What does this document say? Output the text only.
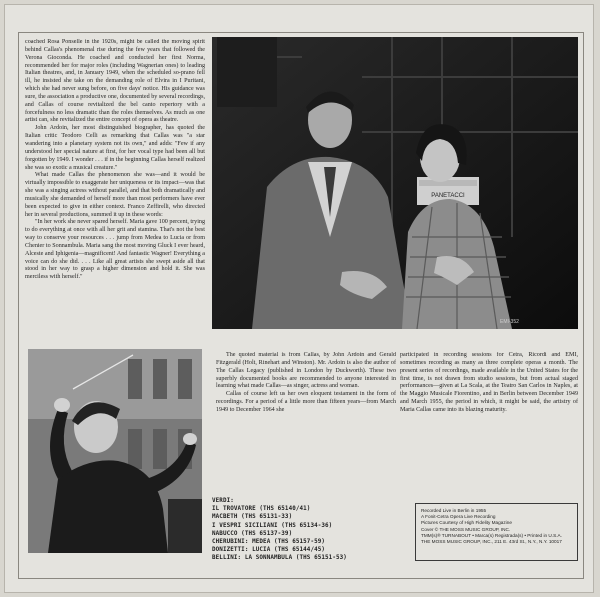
coached Rosa Ponselle in the 1920s, might be called the moving spirit behind Callas's phenomenal rise during the few years that followed the Verona Gioconda. He coached and conducted her first Norma, recommended her for major roles (including Wagnerian ones) to leading Italian theatres, and, in January 1949, when the scheduled so-prano fell ill, he insisted she take on the demanding role of Elvira in I Puritani, which she had never sung before, on five days' notice. His guidance was sure, the association a productive one, documented by several recordings, and Callas of course revitalized the bel canto repertory with a forcefulness no less dramatic than the roles themselves. As much as one artist can, she revitalized the entire concept of opera as theatre.

John Ardoin, her most distinguished biographer, has quoted the Italian critic Teodoro Celli as remarking that Callas was "a star wandering into a planetary system not its own," and adds: "Few if any understood her special nature at first, for her vocal type had been all but forgotten by 1949. I wonder . . . if in the beginning Callas herself realized she was so exotic a musical creature."

What made Callas the phenomenon she was—and it would be virtually impossible to exaggerate her uniqueness or its impact—was that she was a singing actress without parallel, and that both dramatically and musically she demanded of herself more than most performers have ever been expected to give in either context. Franco Zeffirelli, who directed her in several productions, summed it up in these words:

"In her work she never spared herself. Maria gave 100 percent, trying to do everything at once with all her grit and stamina. That's not the best way to conserve your resources . . . jump from Medea to Lucia or from Chenier to Sonnambula. Maria sang the most moving Gluck I ever heard, Alceste and Iphigenia—magnificent! And fantastic Wagner! Everything a voice can do she did. . . . Like all great artists she swept aside all that stood in her way to grasp a higher dimension and hold it. She was merciless with herself."

PANETACCI
EMI-352

The quoted material is from Callas, by John Ardoin and Gerald Fitzgerald (Holt, Rinehart and Winston). Mr. Ardoin is also the author of The Callas Legacy (published in London by Duckworth). These two superbly documented books are recommended to anyone interested in learning what made Callas—as singer, actress and woman.

Callas of course left us her own eloquent testament in the form of recordings. For a period of a little more than fifteen years—from March 1949 to December 1964 she

participated in recording sessions for Cetra, Ricordi and EMI, sometimes recording as many as three complete operas a month. The present series of recordings, made available in the United States for the first time, is not drawn from studio sessions, but from actual staged performances—given at La Scala, at the Teatro San Carlos in Naples, at the Maggio Musicale Fiorentino, and in Berlin between December 1949 and March 1955, the period in which, it might be said, the artistry of Maria Callas came into its blazing maturity.

VERDI:
IL TROVATORE (THS 65140/41)
MACBETH (THS 65131-33)
I VESPRI SICILIANI (THS 65134-36)
NABUCCO (THS 65137-39)
CHERUBINI: MEDEA (THS 65157-59)
DONIZETTI: LUCIA (THS 65144/45)
BELLINI: LA SONNAMBULA (THS 65151-53)
Recorded Live in Berlin in 1955
A Fonit-Cetra Opera Live Recording
Pictures Courtesy of High Fidelity Magazine
Cover © THE MOSS MUSIC GROUP, INC.
TMM(s)® TURNABOUT • Marca(s) Registrada(s) • Printed in U.S.A.
THE MOSS MUSIC GROUP, INC., 211 E. 43rd St., N.Y., N.Y. 10017
